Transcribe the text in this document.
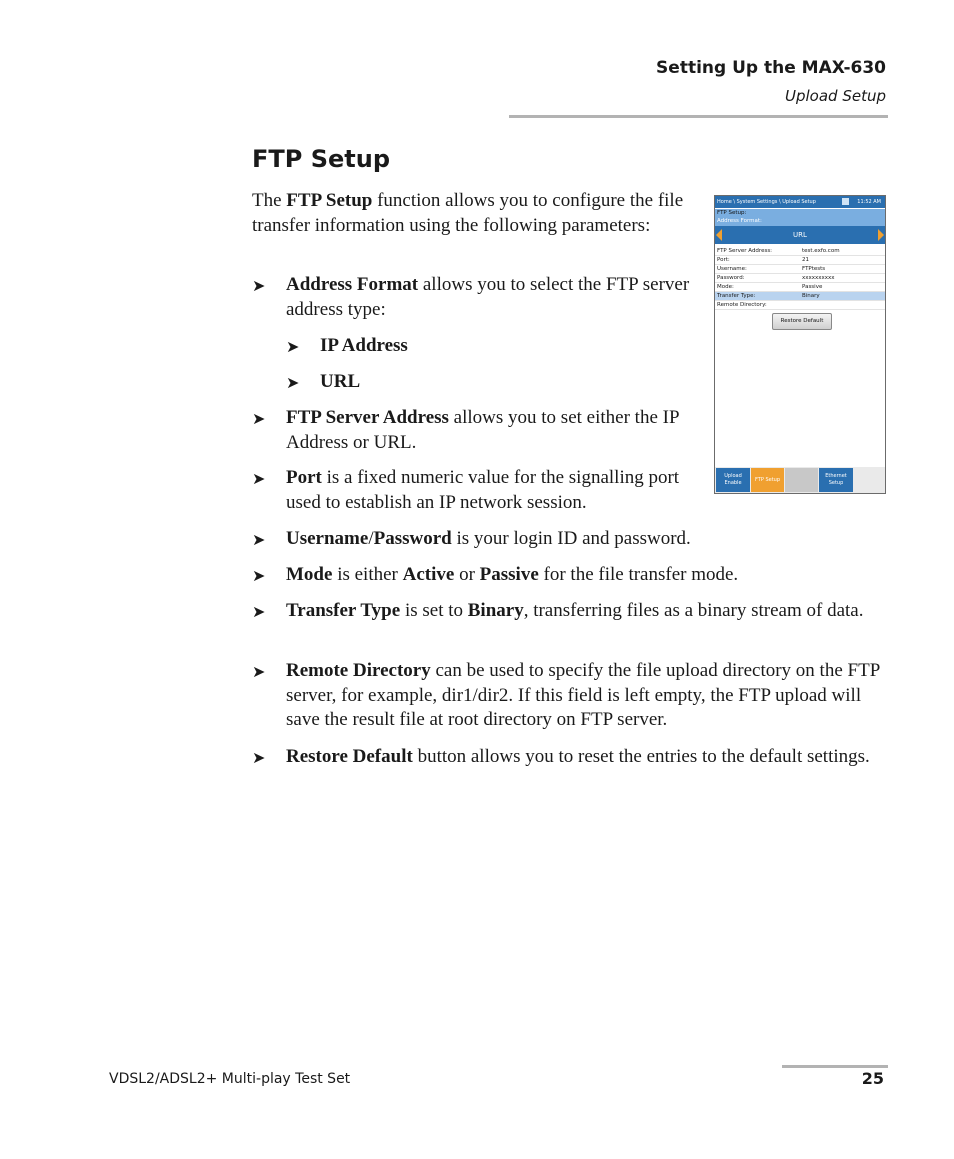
Setting Up the MAX-630
Upload Setup
FTP Setup
The FTP Setup function allows you to configure the file transfer information using the following parameters:
➤ Address Format allows you to select the FTP server address type:
➤ IP Address
➤ URL
➤ FTP Server Address allows you to set either the IP Address or URL.
➤ Port is a fixed numeric value for the signalling port used to establish an IP network session.
➤ Username/Password is your login ID and password.
➤ Mode is either Active or Passive for the file transfer mode.
➤ Transfer Type is set to Binary, transferring files as a binary stream of data.
➤ Remote Directory can be used to specify the file upload directory on the FTP server, for example, dir1/dir2. If this field is left empty, the FTP upload will save the result file at root directory on FTP server.
➤ Restore Default button allows you to reset the entries to the default settings.
Home \ System Settings \ Upload Setup	11:52 AM
FTP Setup:
Address Format:
URL
FTP Server Address:	test.exfo.com
Port:	21
Username:	FTPtests
Password:	xxxxxxxxxx
Mode:	Passive
Transfer Type:	Binary
Remote Directory:
Restore Default
Upload Enable
FTP Setup
Ethernet Setup
VDSL2/ADSL2+ Multi-play Test Set	25
